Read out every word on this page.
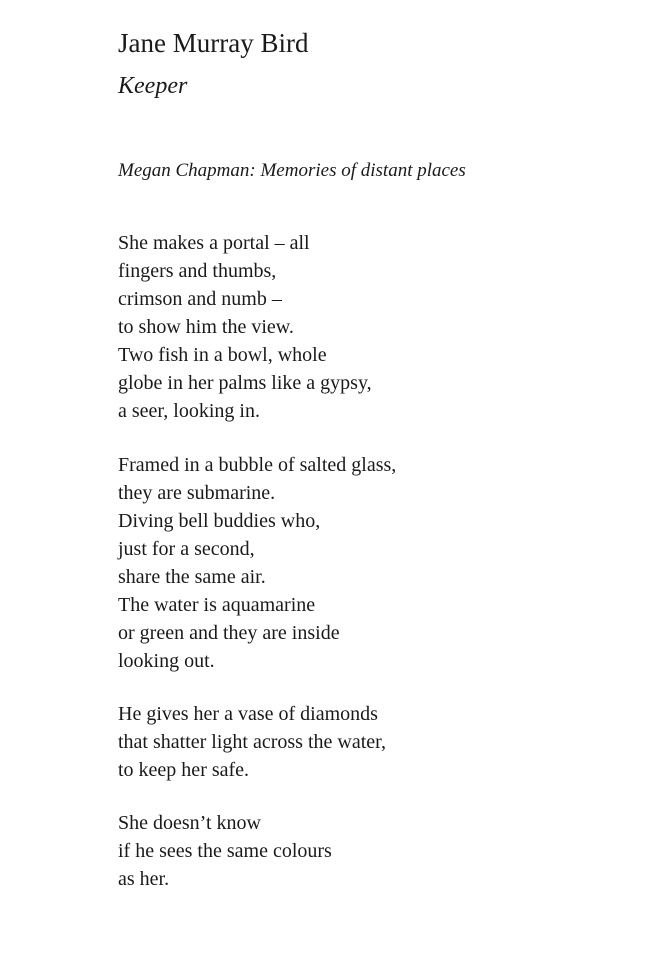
Jane Murray Bird
Keeper
Megan Chapman: Memories of distant places
She makes a portal – all
fingers and thumbs,
crimson and numb –
to show him the view.
Two fish in a bowl, whole
globe in her palms like a gypsy,
a seer, looking in.
Framed in a bubble of salted glass,
they are submarine.
Diving bell buddies who,
just for a second,
share the same air.
The water is aquamarine
or green and they are inside
looking out.
He gives her a vase of diamonds
that shatter light across the water,
to keep her safe.
She doesn’t know
if he sees the same colours
as her.
